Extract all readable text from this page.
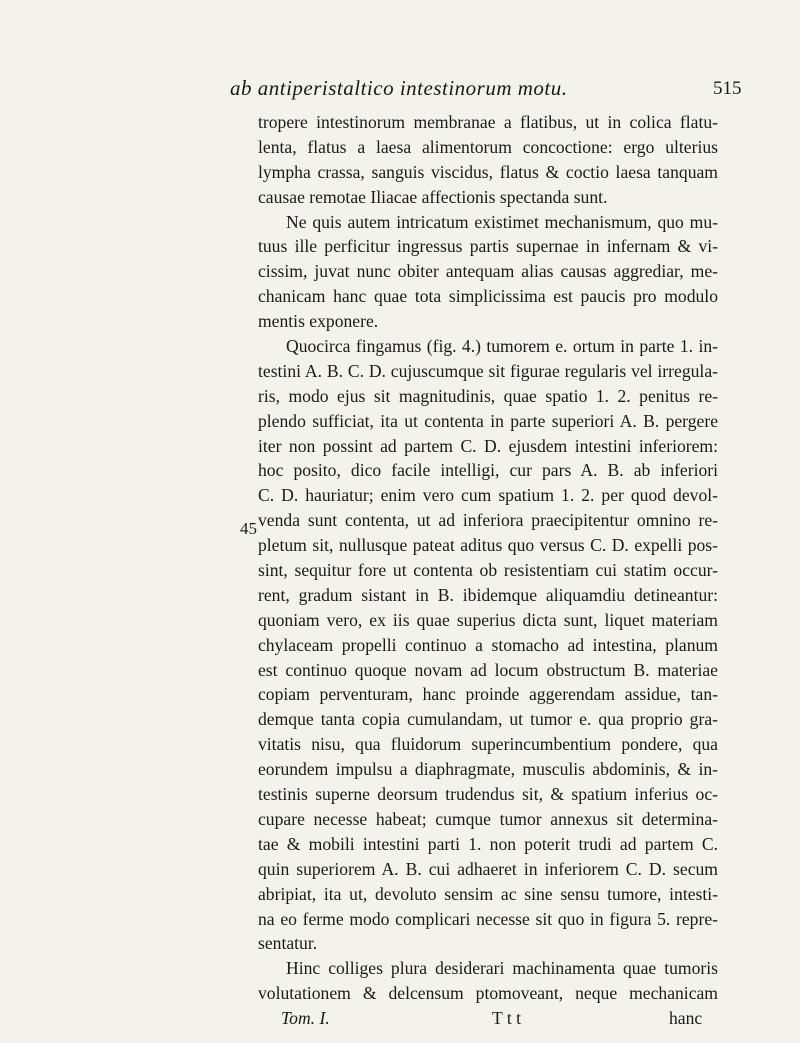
ab antiperistaltico intestinorum motu.	515
45
tropere intestinorum membranae a flatibus, ut in colica flatu-
lenta, flatus a laesa alimentorum concoctione: ergo ulterius
lympha crassa, sanguis viscidus, flatus & coctio laesa tanquam
causae remotae Iliacae affectionis spectanda sunt.
Ne quis autem intricatum existimet mechanismum, quo mu-
tuus ille perficitur ingressus partis supernae in infernam & vi-
cissim, juvat nunc obiter antequam alias causas aggrediar, me-
chanicam hanc quae tota simplicissima est paucis pro modulo
mentis exponere.
Quocirca fingamus (fig. 4.) tumorem e. ortum in parte 1. in-
testini A. B. C. D. cujuscumque sit figurae regularis vel irregula-
ris, modo ejus sit magnitudinis, quae spatio 1. 2. penitus re-
plendo sufficiat, ita ut contenta in parte superiori A. B. pergere
iter non possint ad partem C. D. ejusdem intestini inferiorem:
hoc posito, dico facile intelligi, cur pars A. B. ab inferiori
C. D. hauriatur; enim vero cum spatium 1. 2. per quod devol-
venda sunt contenta, ut ad inferiora praecipitentur omnino re-
pletum sit, nullusque pateat aditus quo versus C. D. expelli pos-
sint, sequitur fore ut contenta ob resistentiam cui statim occur-
rent, gradum sistant in B. ibidemque aliquamdiu detineantur:
quoniam vero, ex iis quae superius dicta sunt, liquet materiam
chylaceam propelli continuo a stomacho ad intestina, planum
est continuo quoque novam ad locum obstructum B. materiae
copiam perventuram, hanc proinde aggerendam assidue, tan-
demque tanta copia cumulandam, ut tumor e. qua proprio gra-
vitatis nisu, qua fluidorum superincumbentium pondere, qua
eorundem impulsu a diaphragmate, musculis abdominis, & in-
testinis superne deorsum trudendus sit, & spatium inferius oc-
cupare necesse habeat; cumque tumor annexus sit determina-
tae & mobili intestini parti 1. non poterit trudi ad partem C.
quin superiorem A. B. cui adhaeret in inferiorem C. D. secum
abripiat, ita ut, devoluto sensim ac sine sensu tumore, intesti-
na eo ferme modo complicari necesse sit quo in figura 5. repre-
sentatur.
Hinc colliges plura desiderari machinamenta quae tumoris
volutationem & delcensum ptomoveant, neque mechanicam
Tom. I.	T t t	hanc
